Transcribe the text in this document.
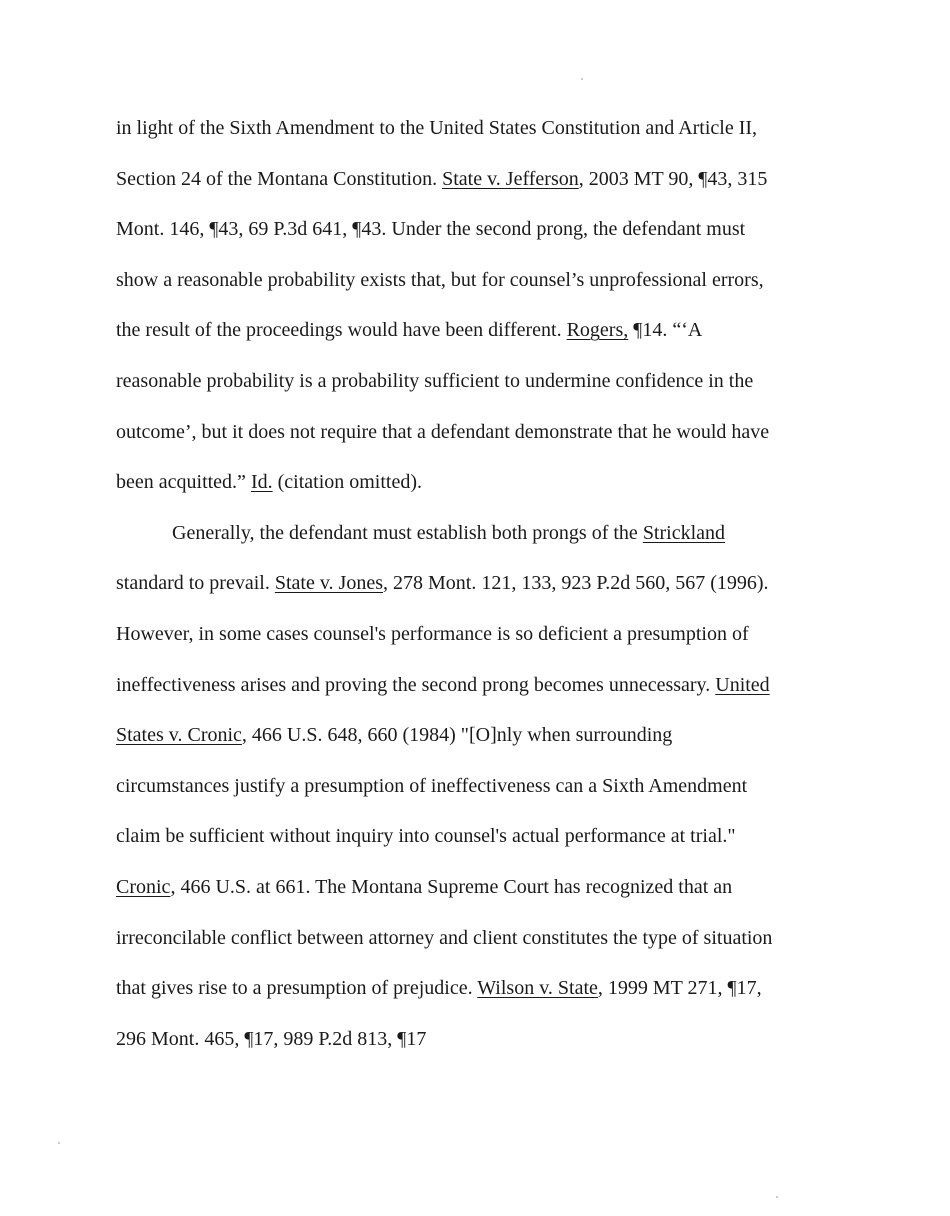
in light of the Sixth Amendment to the United States Constitution and Article II,
Section 24 of the Montana Constitution. State v. Jefferson, 2003 MT 90, ¶43, 315
Mont. 146, ¶43, 69 P.3d 641, ¶43. Under the second prong, the defendant must
show a reasonable probability exists that, but for counsel’s unprofessional errors,
the result of the proceedings would have been different. Rogers, ¶14. “‘A
reasonable probability is a probability sufficient to undermine confidence in the
outcome’, but it does not require that a defendant demonstrate that he would have
been acquitted.” Id. (citation omitted).
Generally, the defendant must establish both prongs of the Strickland
standard to prevail. State v. Jones, 278 Mont. 121, 133, 923 P.2d 560, 567 (1996).
However, in some cases counsel's performance is so deficient a presumption of
ineffectiveness arises and proving the second prong becomes unnecessary. United
States v. Cronic, 466 U.S. 648, 660 (1984) "[O]nly when surrounding
circumstances justify a presumption of ineffectiveness can a Sixth Amendment
claim be sufficient without inquiry into counsel's actual performance at trial."
Cronic, 466 U.S. at 661. The Montana Supreme Court has recognized that an
irreconcilable conflict between attorney and client constitutes the type of situation
that gives rise to a presumption of prejudice. Wilson v. State, 1999 MT 271, ¶17,
296 Mont. 465, ¶17, 989 P.2d 813, ¶17
